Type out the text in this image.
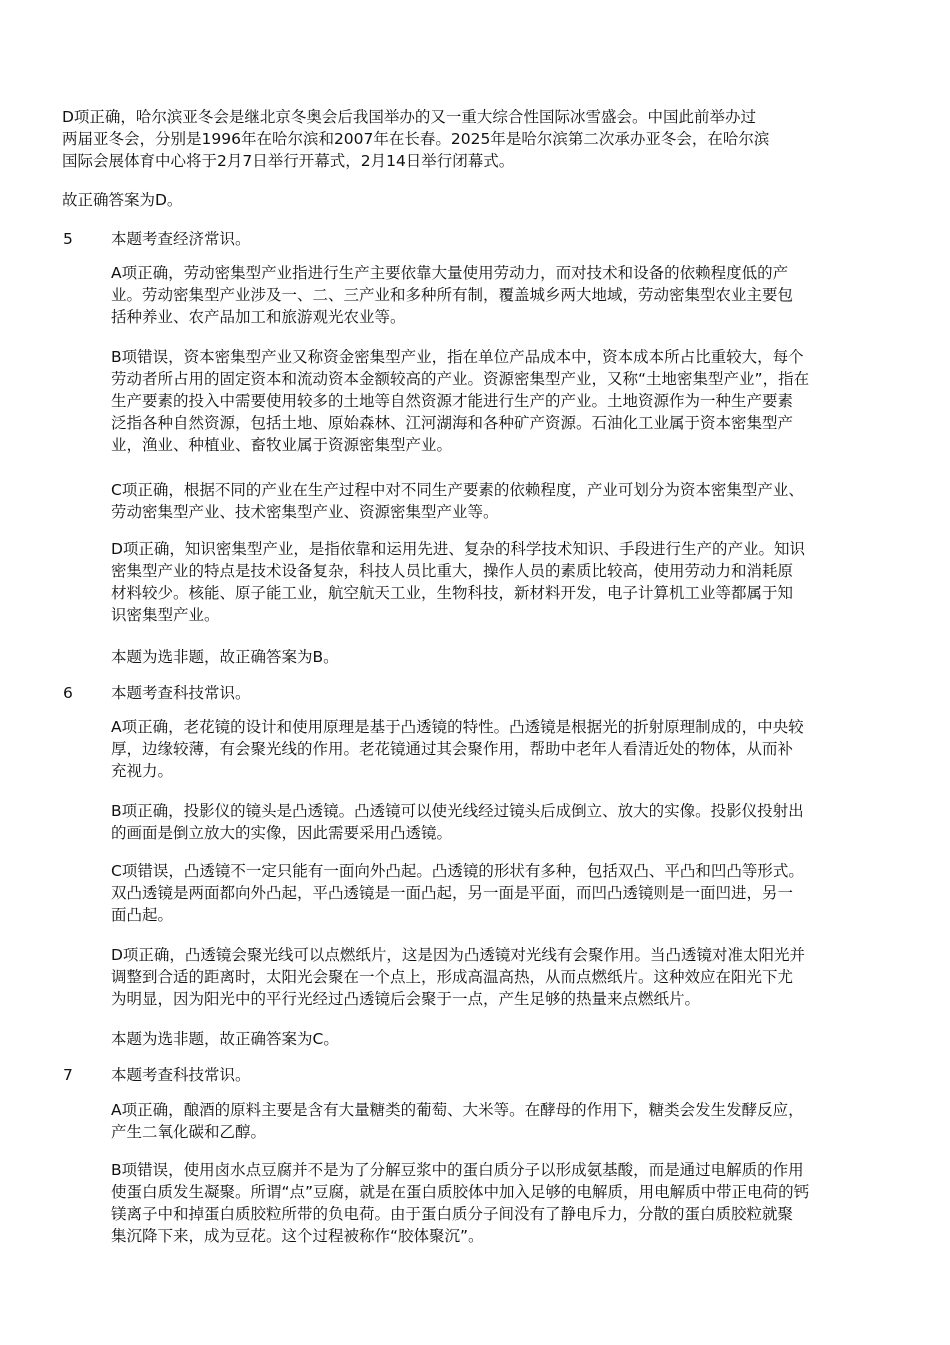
D项正确，哈尔滨亚冬会是继北京冬奥会后我国举办的又一重大综合性国际冰雪盛会。中国此前举办过
两届亚冬会，分别是1996年在哈尔滨和2007年在长春。2025年是哈尔滨第二次承办亚冬会，在哈尔滨
国际会展体育中心将于2月7日举行开幕式，2月14日举行闭幕式。
故正确答案为D。
5 本题考查经济常识。
A项正确，劳动密集型产业指进行生产主要依靠大量使用劳动力，而对技术和设备的依赖程度低的产
业。劳动密集型产业涉及一、二、三产业和多种所有制，覆盖城乡两大地域，劳动密集型农业主要包
括种养业、农产品加工和旅游观光农业等。
B项错误，资本密集型产业又称资金密集型产业，指在单位产品成本中，资本成本所占比重较大，每个
劳动者所占用的固定资本和流动资本金额较高的产业。资源密集型产业，又称“土地密集型产业”，指在
生产要素的投入中需要使用较多的土地等自然资源才能进行生产的产业。土地资源作为一种生产要素
泛指各种自然资源，包括土地、原始森林、江河湖海和各种矿产资源。石油化工业属于资本密集型产
业，渔业、种植业、畜牧业属于资源密集型产业。
C项正确，根据不同的产业在生产过程中对不同生产要素的依赖程度，产业可划分为资本密集型产业、
劳动密集型产业、技术密集型产业、资源密集型产业等。
D项正确，知识密集型产业，是指依靠和运用先进、复杂的科学技术知识、手段进行生产的产业。知识
密集型产业的特点是技术设备复杂，科技人员比重大，操作人员的素质比较高，使用劳动力和消耗原
材料较少。核能、原子能工业，航空航天工业，生物科技，新材料开发，电子计算机工业等都属于知
识密集型产业。
本题为选非题，故正确答案为B。
6 本题考查科技常识。
A项正确，老花镜的设计和使用原理是基于凸透镜的特性。凸透镜是根据光的折射原理制成的，中央较
厚，边缘较薄，有会聚光线的作用。老花镜通过其会聚作用，帮助中老年人看清近处的物体，从而补
充视力。
B项正确，投影仪的镜头是凸透镜。凸透镜可以使光线经过镜头后成倒立、放大的实像。投影仪投射出
的画面是倒立放大的实像，因此需要采用凸透镜。
C项错误，凸透镜不一定只能有一面向外凸起。凸透镜的形状有多种，包括双凸、平凸和凹凸等形式。
双凸透镜是两面都向外凸起，平凸透镜是一面凸起，另一面是平面，而凹凸透镜则是一面凹进，另一
面凸起。
D项正确，凸透镜会聚光线可以点燃纸片，这是因为凸透镜对光线有会聚作用。当凸透镜对准太阳光并
调整到合适的距离时，太阳光会聚在一个点上，形成高温高热，从而点燃纸片。这种效应在阳光下尤
为明显，因为阳光中的平行光经过凸透镜后会聚于一点，产生足够的热量来点燃纸片。
本题为选非题，故正确答案为C。
7 本题考查科技常识。
A项正确，酿酒的原料主要是含有大量糖类的葡萄、大米等。在酵母的作用下，糖类会发生发酵反应，
产生二氧化碳和乙醇。
B项错误，使用卤水点豆腐并不是为了分解豆浆中的蛋白质分子以形成氨基酸，而是通过电解质的作用
使蛋白质发生凝聚。所谓“点”豆腐，就是在蛋白质胶体中加入足够的电解质，用电解质中带正电荷的钙
镁离子中和掉蛋白质胶粒所带的负电荷。由于蛋白质分子间没有了静电斥力，分散的蛋白质胶粒就聚
集沉降下来，成为豆花。这个过程被称作“胶体聚沉”。
